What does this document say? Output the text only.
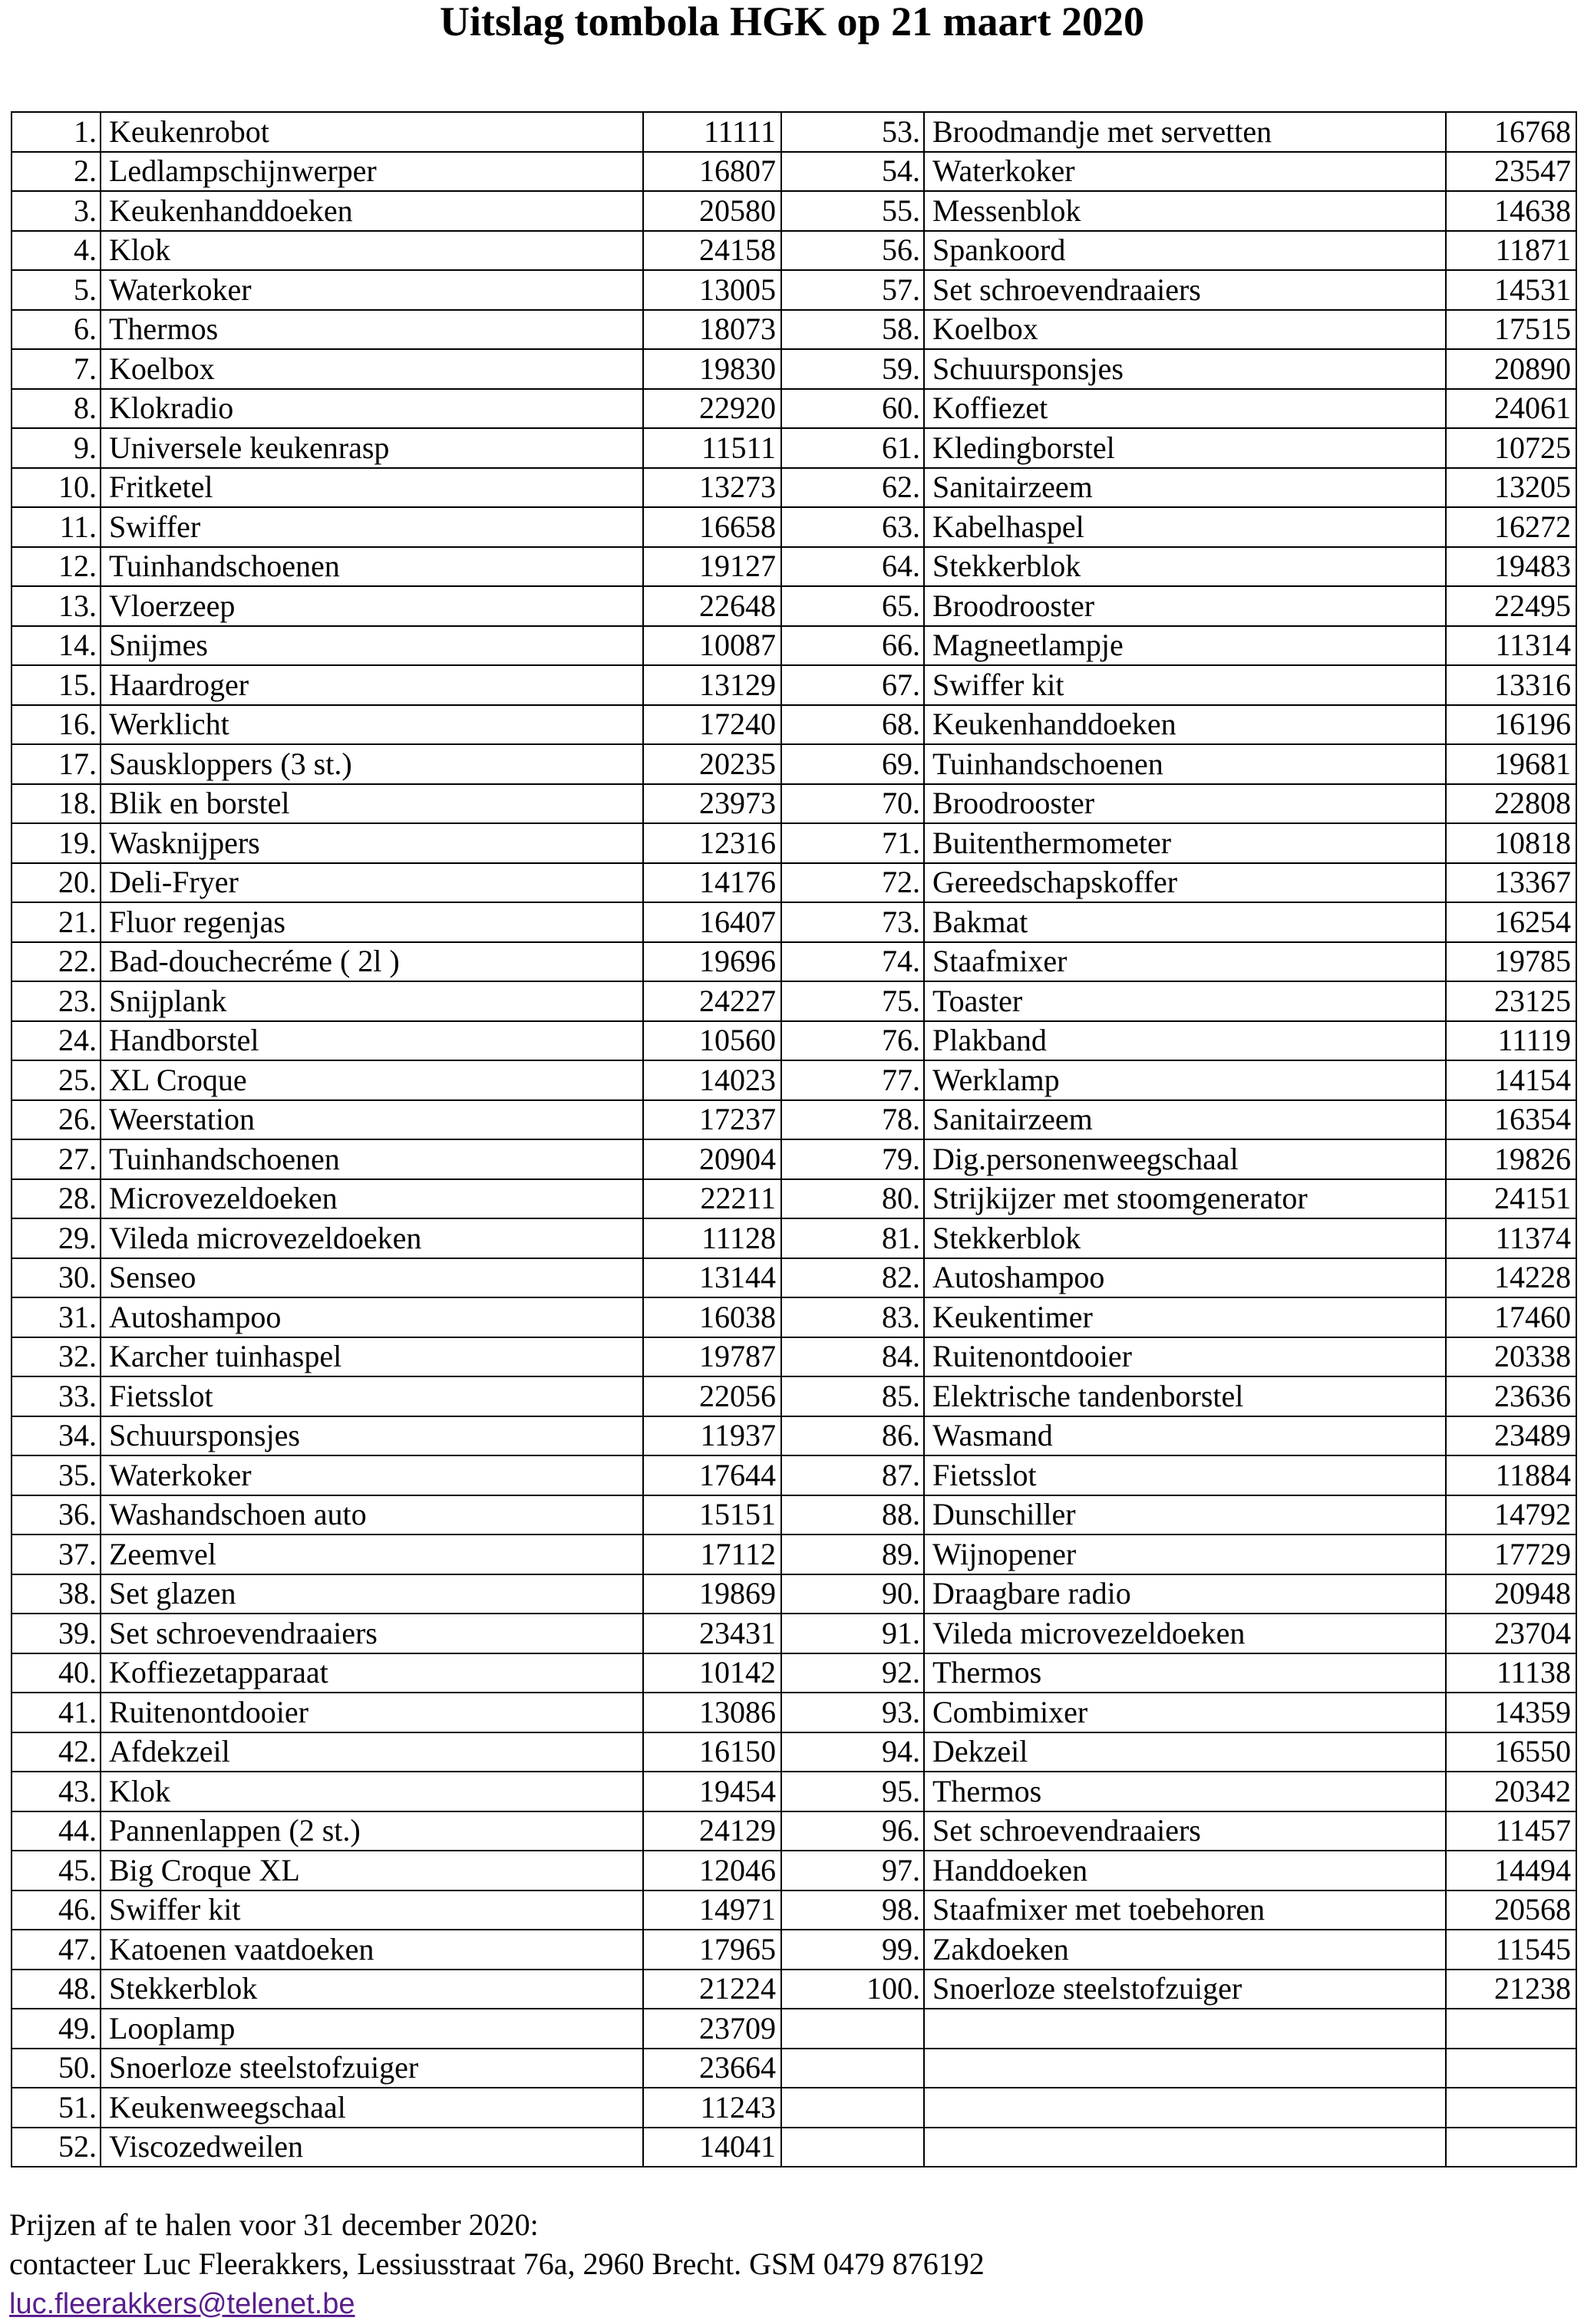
Uitslag tombola HGK op 21 maart 2020
1.	Keukenrobot	11111	53.	Broodmandje met servetten	16768
2.	Ledlampschijnwerper	16807	54.	Waterkoker	23547
3.	Keukenhanddoeken	20580	55.	Messenblok	14638
4.	Klok	24158	56.	Spankoord	11871
5.	Waterkoker	13005	57.	Set schroevendraaiers	14531
6.	Thermos	18073	58.	Koelbox	17515
7.	Koelbox	19830	59.	Schuursponsjes	20890
8.	Klokradio	22920	60.	Koffiezet	24061
9.	Universele keukenrasp	11511	61.	Kledingborstel	10725
10.	Fritketel	13273	62.	Sanitairzeem	13205
11.	Swiffer	16658	63.	Kabelhaspel	16272
12.	Tuinhandschoenen	19127	64.	Stekkerblok	19483
13.	Vloerzeep	22648	65.	Broodrooster	22495
14.	Snijmes	10087	66.	Magneetlampje	11314
15.	Haardroger	13129	67.	Swiffer kit	13316
16.	Werklicht	17240	68.	Keukenhanddoeken	16196
17.	Sauskloppers (3 st.)	20235	69.	Tuinhandschoenen	19681
18.	Blik en borstel	23973	70.	Broodrooster	22808
19.	Wasknijpers	12316	71.	Buitenthermometer	10818
20.	Deli-Fryer	14176	72.	Gereedschapskoffer	13367
21.	Fluor regenjas	16407	73.	Bakmat	16254
22.	Bad-douchecréme ( 2l )	19696	74.	Staafmixer	19785
23.	Snijplank	24227	75.	Toaster	23125
24.	Handborstel	10560	76.	Plakband	11119
25.	XL Croque	14023	77.	Werklamp	14154
26.	Weerstation	17237	78.	Sanitairzeem	16354
27.	Tuinhandschoenen	20904	79.	Dig.personenweegschaal	19826
28.	Microvezeldoeken	22211	80.	Strijkijzer met stoomgenerator	24151
29.	Vileda microvezeldoeken	11128	81.	Stekkerblok	11374
30.	Senseo	13144	82.	Autoshampoo	14228
31.	Autoshampoo	16038	83.	Keukentimer	17460
32.	Karcher tuinhaspel	19787	84.	Ruitenontdooier	20338
33.	Fietsslot	22056	85.	Elektrische tandenborstel	23636
34.	Schuursponsjes	11937	86.	Wasmand	23489
35.	Waterkoker	17644	87.	Fietsslot	11884
36.	Washandschoen auto	15151	88.	Dunschiller	14792
37.	Zeemvel	17112	89.	Wijnopener	17729
38.	Set glazen	19869	90.	Draagbare radio	20948
39.	Set schroevendraaiers	23431	91.	Vileda microvezeldoeken	23704
40.	Koffiezetapparaat	10142	92.	Thermos	11138
41.	Ruitenontdooier	13086	93.	Combimixer	14359
42.	Afdekzeil	16150	94.	Dekzeil	16550
43.	Klok	19454	95.	Thermos	20342
44.	Pannenlappen (2 st.)	24129	96.	Set schroevendraaiers	11457
45.	Big Croque XL	12046	97.	Handdoeken	14494
46.	Swiffer kit	14971	98.	Staafmixer met toebehoren	20568
47.	Katoenen vaatdoeken	17965	99.	Zakdoeken	11545
48.	Stekkerblok	21224	100.	Snoerloze steelstofzuiger	21238
49.	Looplamp	23709			
50.	Snoerloze steelstofzuiger	23664			
51.	Keukenweegschaal	11243			
52.	Viscozedweilen	14041			
Prijzen af te halen voor 31 december 2020:
contacteer Luc Fleerakkers, Lessiusstraat 76a, 2960 Brecht. GSM 0479 876192
luc.fleerakkers@telenet.be
